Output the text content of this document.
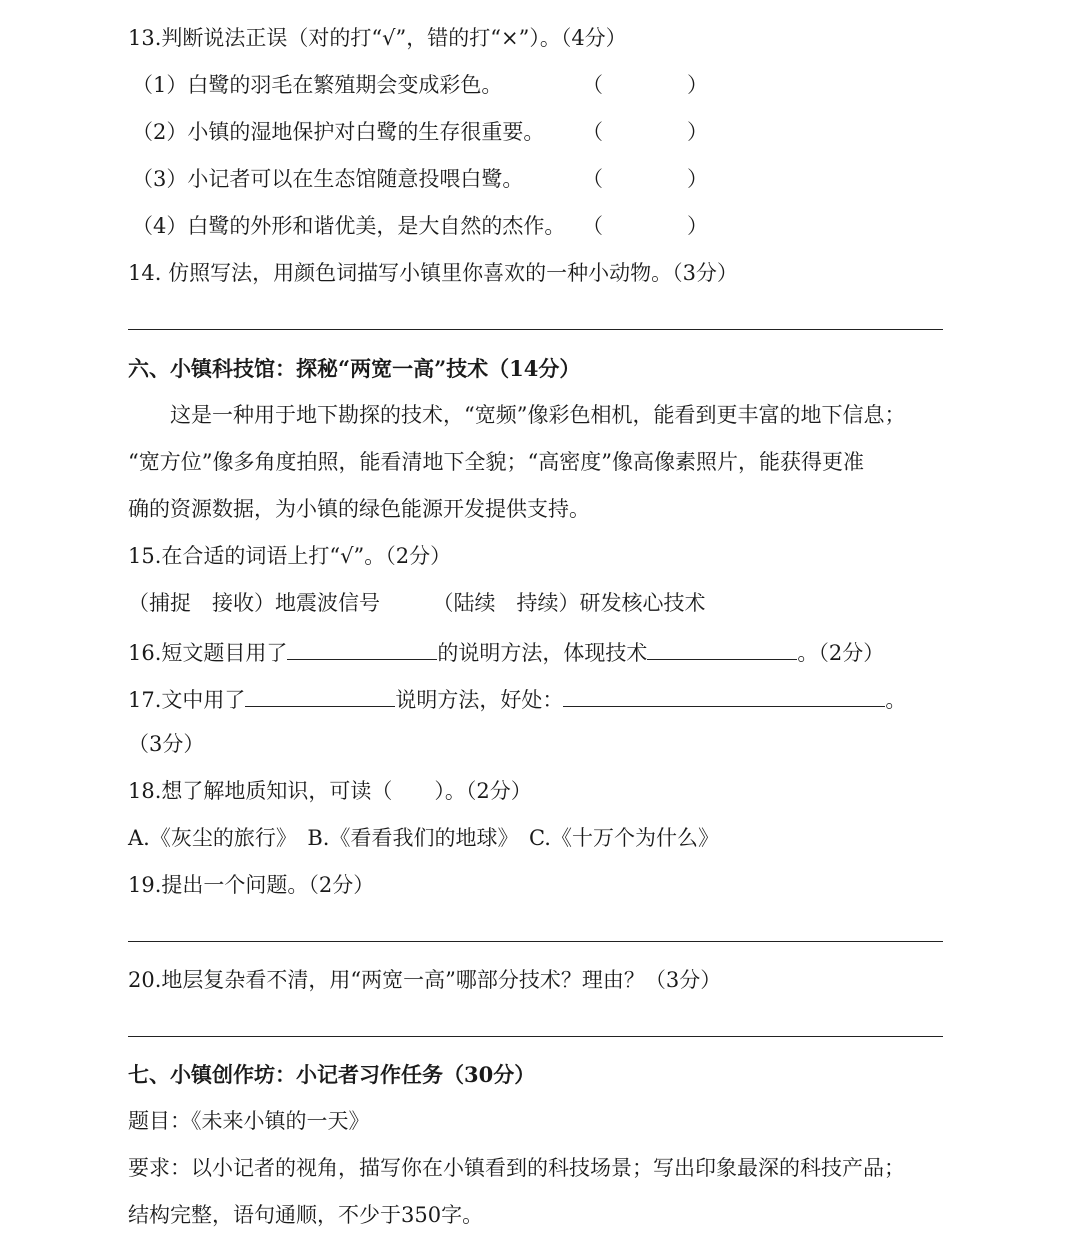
13.判断说法正误（对的打“√”，错的打“×”）。（4分）
（1）白鹭的羽毛在繁殖期会变成彩色。	（　　　　）
（2）小镇的湿地保护对白鹭的生存很重要。 （　　　　）
（3）小记者可以在生态馆随意投喂白鹭。	（　　　　）
（4）白鹭的外形和谐优美，是大自然的杰作。 （　　　　）
14. 仿照写法，用颜色词描写小镇里你喜欢的一种小动物。（3分）
六、小镇科技馆：探秘“两宽一高”技术（14分）
　　这是一种用于地下勘探的技术，“宽频”像彩色相机，能看到更丰富的地下信息；
“宽方位”像多角度拍照，能看清地下全貌；“高密度”像高像素照片，能获得更准
确的资源数据，为小镇的绿色能源开发提供支持。
15.在合适的词语上打“√”。（2分）
（捕捉　接收）地震波信号　　　（陆续　持续）研发核心技术
16.短文题目用了	的说明方法，体现技术	。（2分）
17.文中用了	说明方法，好处：	。
（3分）
18.想了解地质知识，可读（　　）。（2分）
A.《灰尘的旅行》　B.《看看我们的地球》　C.《十万个为什么》
19.提出一个问题。（2分）
20.地层复杂看不清，用“两宽一高”哪部分技术？理由？（3分）
七、小镇创作坊：小记者习作任务（30分）
题目：《未来小镇的一天》
要求：以小记者的视角，描写你在小镇看到的科技场景；写出印象最深的科技产品；
结构完整，语句通顺，不少于350字。
